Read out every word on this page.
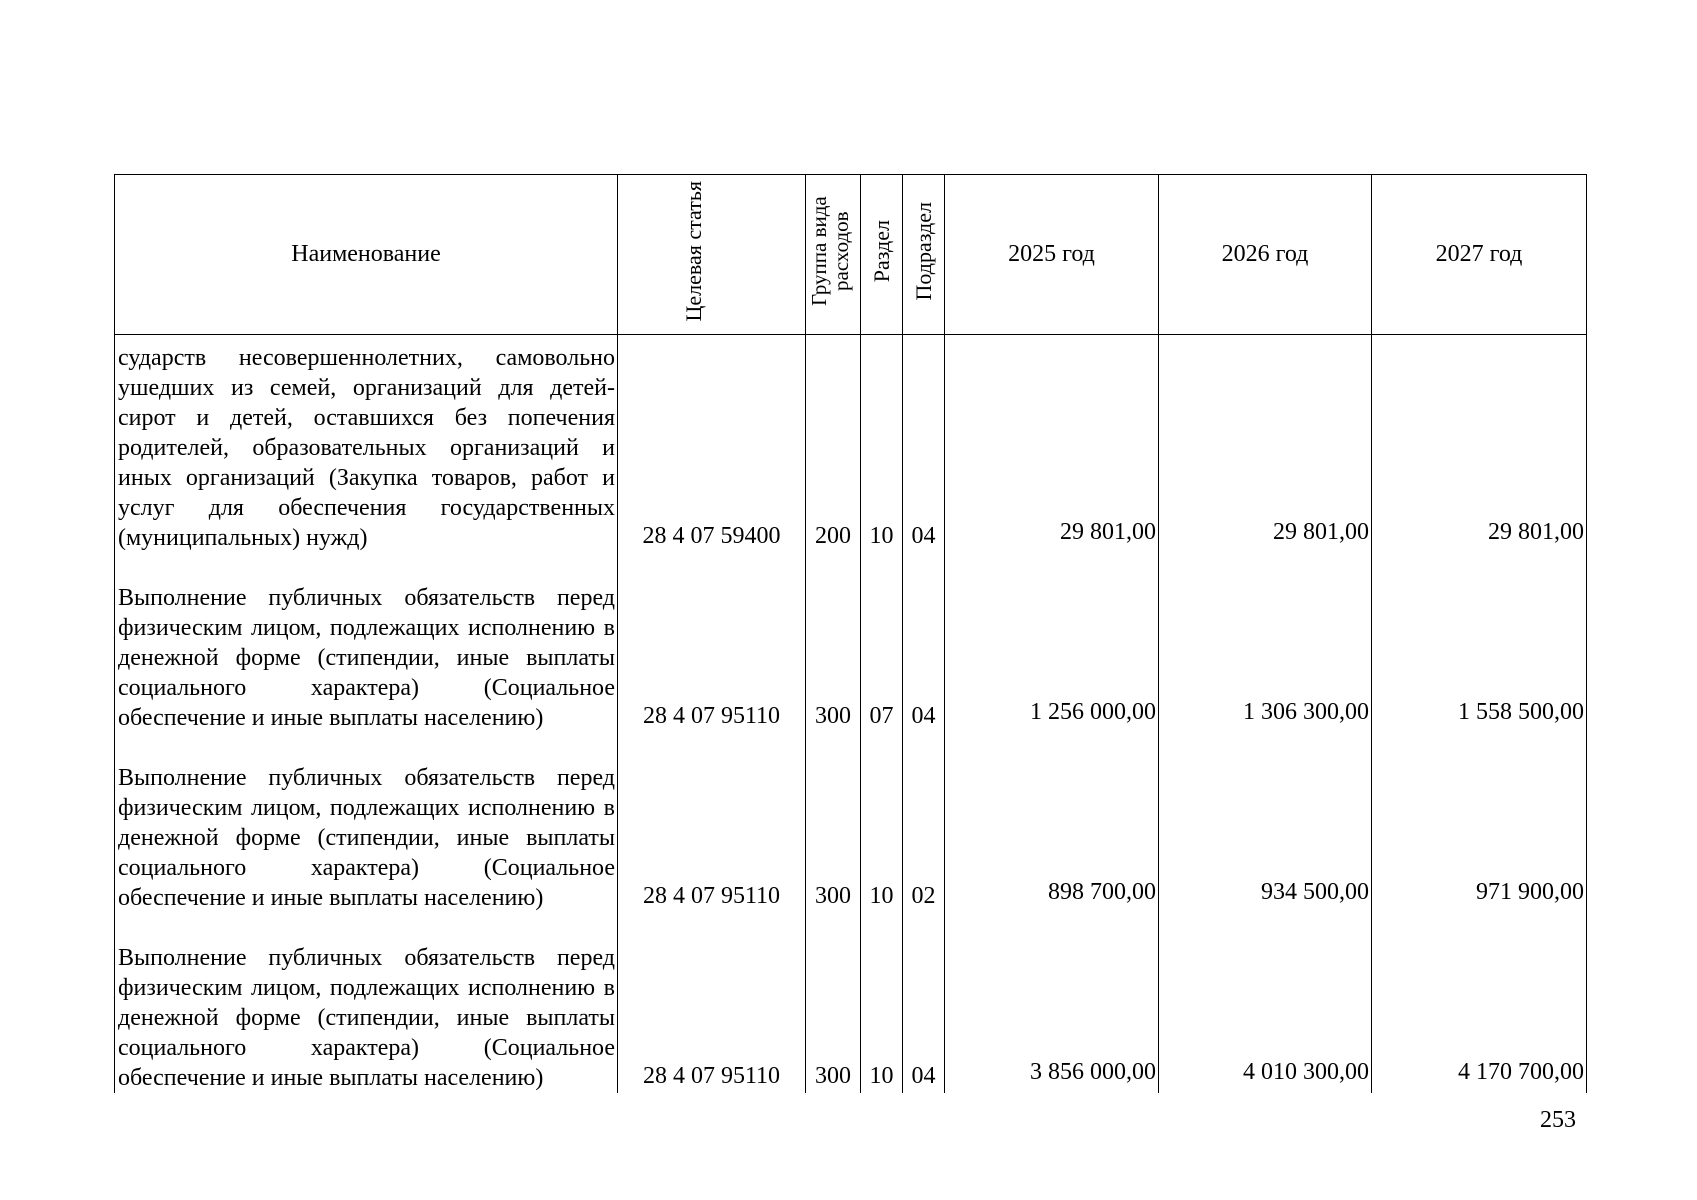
Наименование	Целевая статья	Группа вида расходов	Раздел	Подраздел	2025 год	2026 год	2027 год
сударств несовершеннолетних, самовольно ушедших из семей, организаций для детей-сирот и детей, оставшихся без попечения родителей, образовательных организаций и иных организаций (Закупка товаров, работ и услуг для обеспечения государственных (муниципальных) нужд)	28 4 07 59400	200	10	04	29 801,00	29 801,00	29 801,00
Выполнение публичных обязательств перед физическим лицом, подлежащих исполнению в денежной форме (стипендии, иные выплаты социального характера) (Социальное обеспечение и иные выплаты населению)	28 4 07 95110	300	07	04	1 256 000,00	1 306 300,00	1 558 500,00
Выполнение публичных обязательств перед физическим лицом, подлежащих исполнению в денежной форме (стипендии, иные выплаты социального характера) (Социальное обеспечение и иные выплаты населению)	28 4 07 95110	300	10	02	898 700,00	934 500,00	971 900,00
Выполнение публичных обязательств перед физическим лицом, подлежащих исполнению в денежной форме (стипендии, иные выплаты социального характера) (Социальное обеспечение и иные выплаты населению)	28 4 07 95110	300	10	04	3 856 000,00	4 010 300,00	4 170 700,00
253
